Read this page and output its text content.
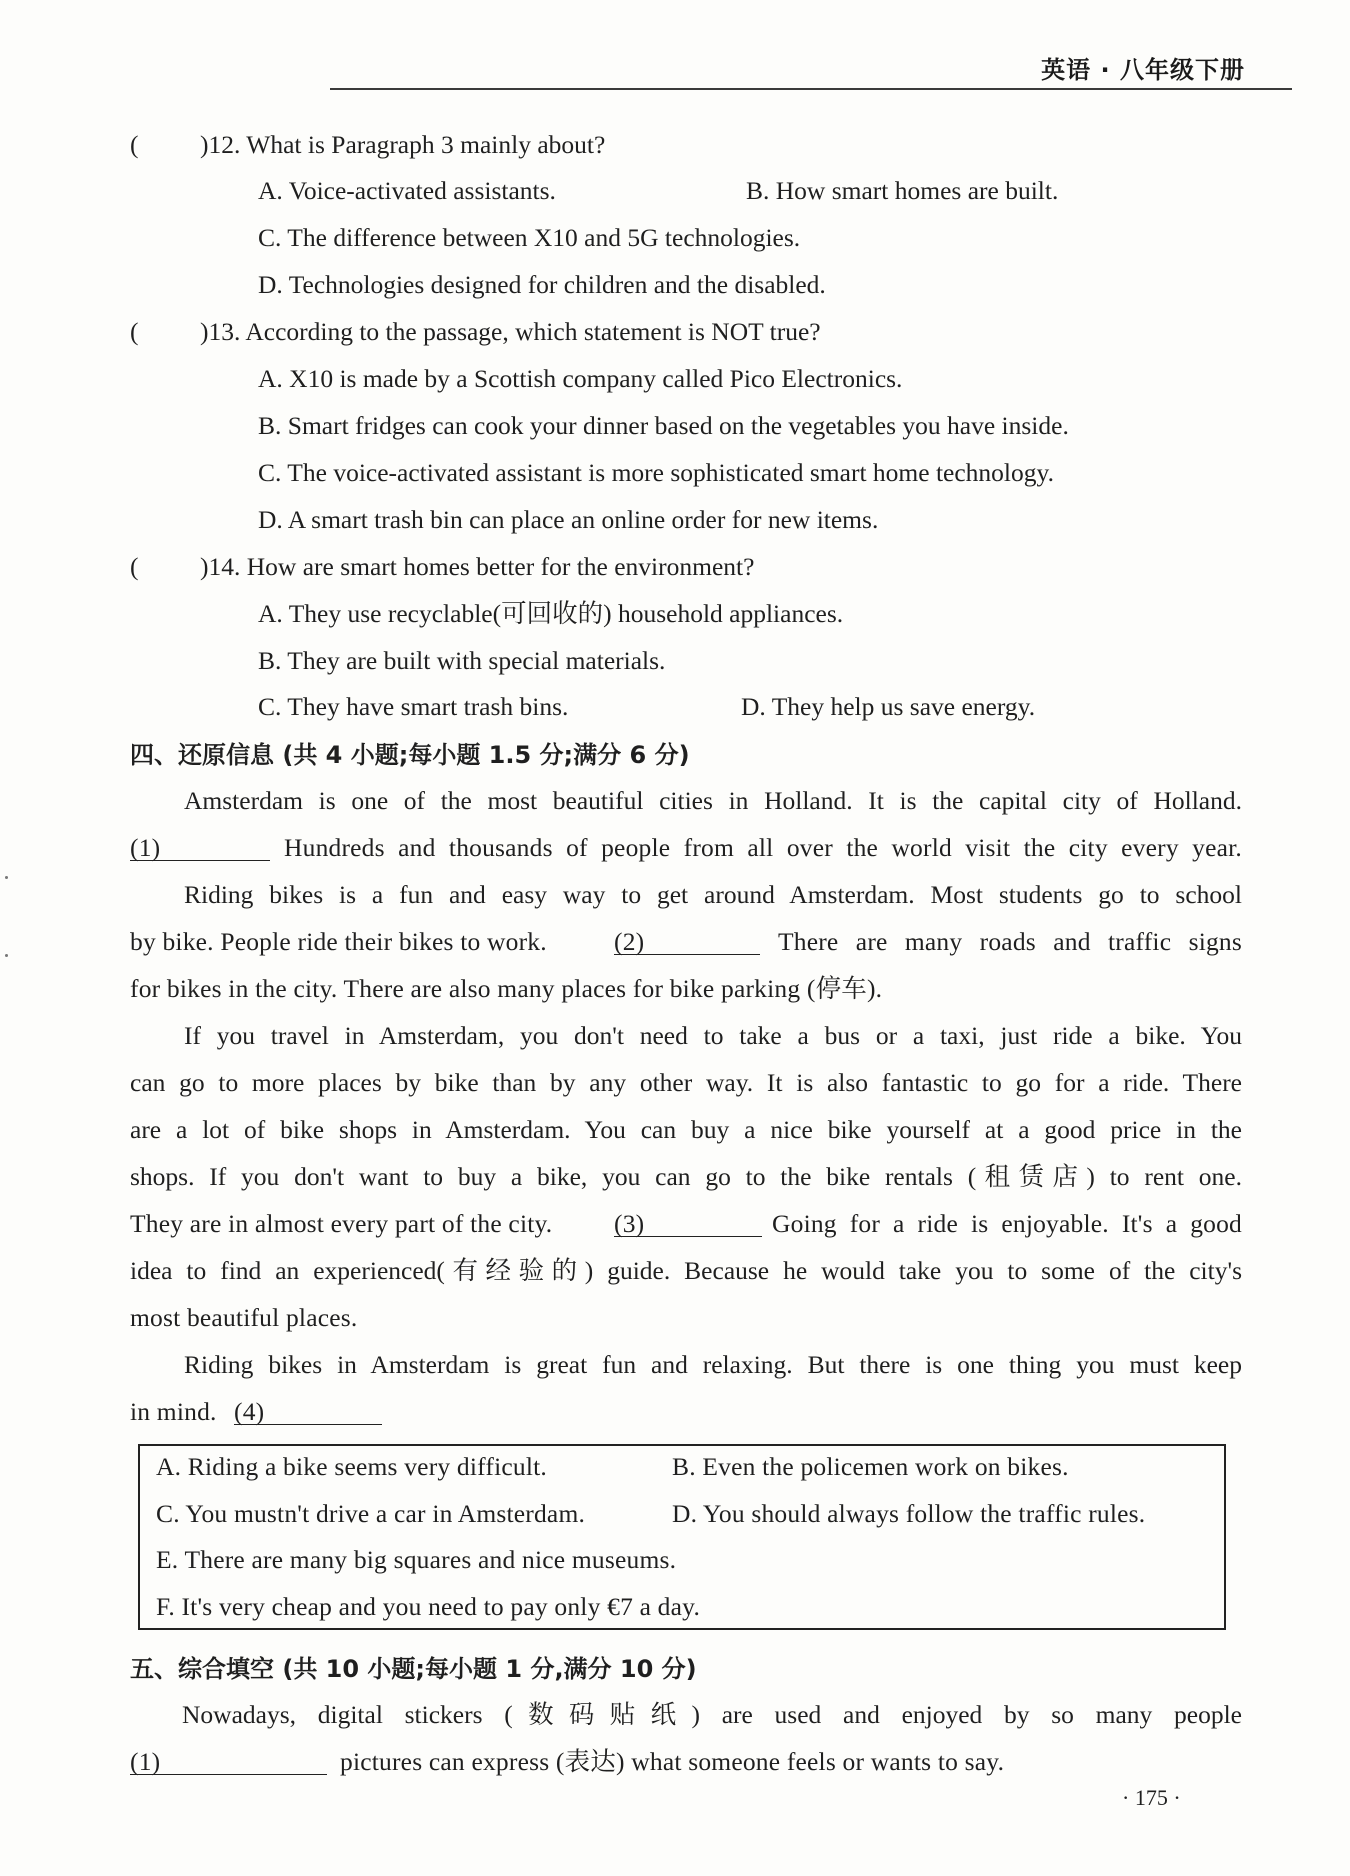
英语 · 八年级下册
( )12. What is Paragraph 3 mainly about?
A. Voice-activated assistants.	B. How smart homes are built.
C. The difference between X10 and 5G technologies.
D. Technologies designed for children and the disabled.
( )13. According to the passage, which statement is NOT true?
A. X10 is made by a Scottish company called Pico Electronics.
B. Smart fridges can cook your dinner based on the vegetables you have inside.
C. The voice-activated assistant is more sophisticated smart home technology.
D. A smart trash bin can place an online order for new items.
( )14. How are smart homes better for the environment?
A. They use recyclable(可回收的) household appliances.
B. They are built with special materials.
C. They have smart trash bins.	D. They help us save energy.
四、还原信息 (共 4 小题;每小题 1.5 分;满分 6 分)
Amsterdam is one of the most beautiful cities in Holland. It is the capital city of Holland.
(1)	Hundreds and thousands of people from all over the world visit the city every year.
Riding bikes is a fun and easy way to get around Amsterdam. Most students go to school
by bike. People ride their bikes to work.	(2)	There are many roads and traffic signs
for bikes in the city. There are also many places for bike parking (停车).
If you travel in Amsterdam, you don't need to take a bus or a taxi, just ride a bike. You
can go to more places by bike than by any other way. It is also fantastic to go for a ride. There
are a lot of bike shops in Amsterdam. You can buy a nice bike yourself at a good price in the
shops. If you don't want to buy a bike, you can go to the bike rentals (租赁店) to rent one.
They are in almost every part of the city. (3)	Going for a ride is enjoyable. It's a good
idea to find an experienced(有经验的) guide. Because he would take you to some of the city's
most beautiful places.
Riding bikes in Amsterdam is great fun and relaxing. But there is one thing you must keep
in mind. (4)
A. Riding a bike seems very difficult.	B. Even the policemen work on bikes.
C. You mustn't drive a car in Amsterdam.	D. You should always follow the traffic rules.
E. There are many big squares and nice museums.
F. It's very cheap and you need to pay only €7 a day.
五、综合填空 (共 10 小题;每小题 1 分,满分 10 分)
Nowadays, digital stickers (数码贴纸) are used and enjoyed by so many people
(1)	pictures can express (表达) what someone feels or wants to say.
· 175 ·
